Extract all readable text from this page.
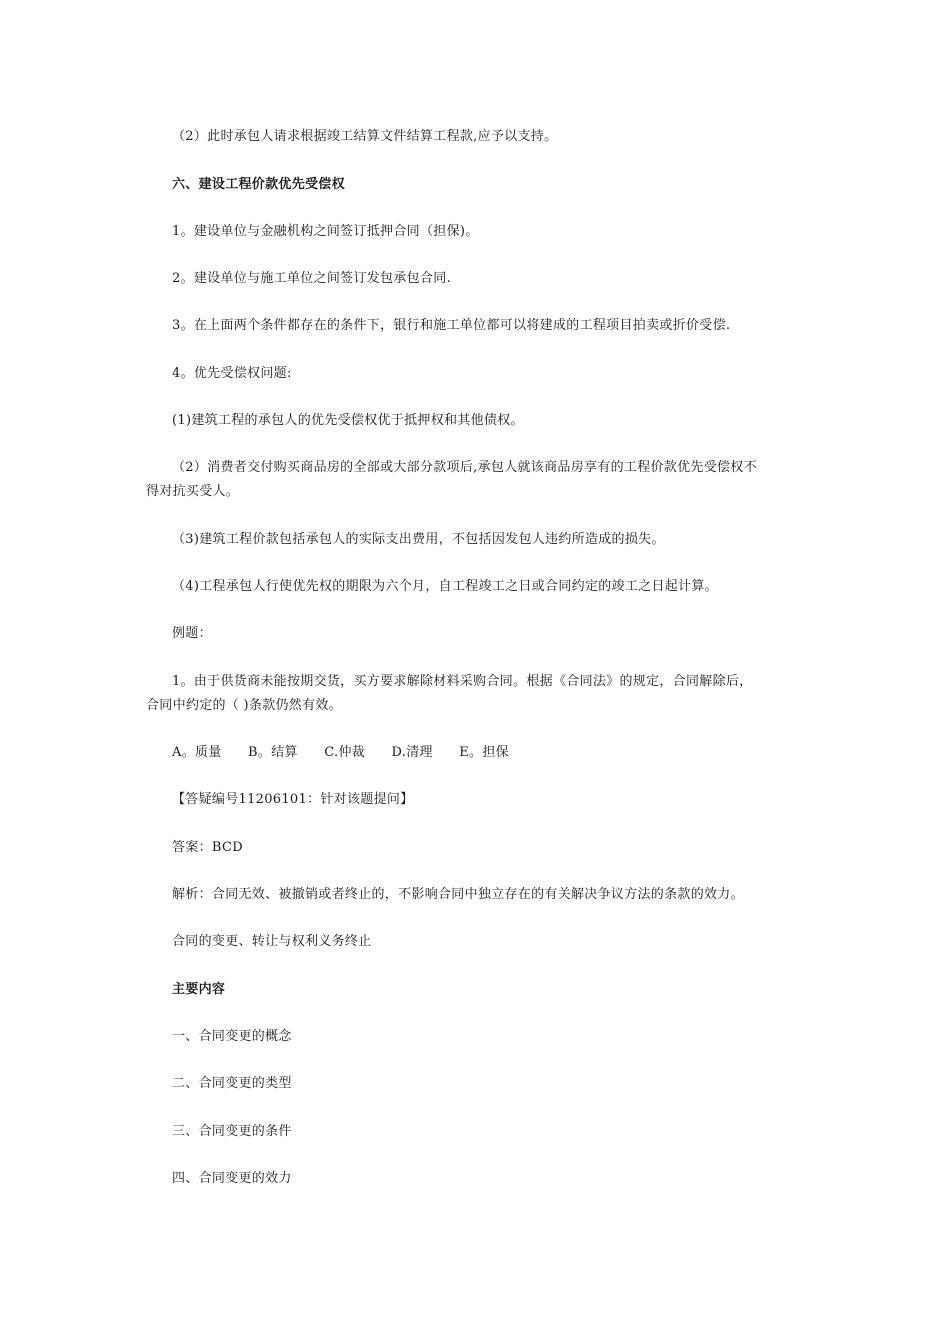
（2）此时承包人请求根据竣工结算文件结算工程款,应予以支持。
六、建设工程价款优先受偿权
1。建设单位与金融机构之间签订抵押合同（担保)。
2。建设单位与施工单位之间签订发包承包合同.
3。在上面两个条件都存在的条件下，银行和施工单位都可以将建成的工程项目拍卖或折价受偿.
4。优先受偿权问题:
(1)建筑工程的承包人的优先受偿权优于抵押权和其他债权。
（2）消费者交付购买商品房的全部或大部分款项后,承包人就该商品房享有的工程价款优先受偿权不
得对抗买受人。
（3)建筑工程价款包括承包人的实际支出费用，不包括因发包人违约所造成的损失。
（4)工程承包人行使优先权的期限为六个月，自工程竣工之日或合同约定的竣工之日起计算。
例题：
1。由于供货商未能按期交货，买方要求解除材料采购合同。根据《合同法》的规定，合同解除后，
合同中约定的（ )条款仍然有效。
A。质量 B。结算 C.仲裁 D.清理 E。担保
【答疑编号11206101：针对该题提问】
答案：BCD
解析：合同无效、被撤销或者终止的，不影响合同中独立存在的有关解决争议方法的条款的效力。
合同的变更、转让与权利义务终止
主要内容
一、合同变更的概念
二、合同变更的类型
三、合同变更的条件
四、合同变更的效力
